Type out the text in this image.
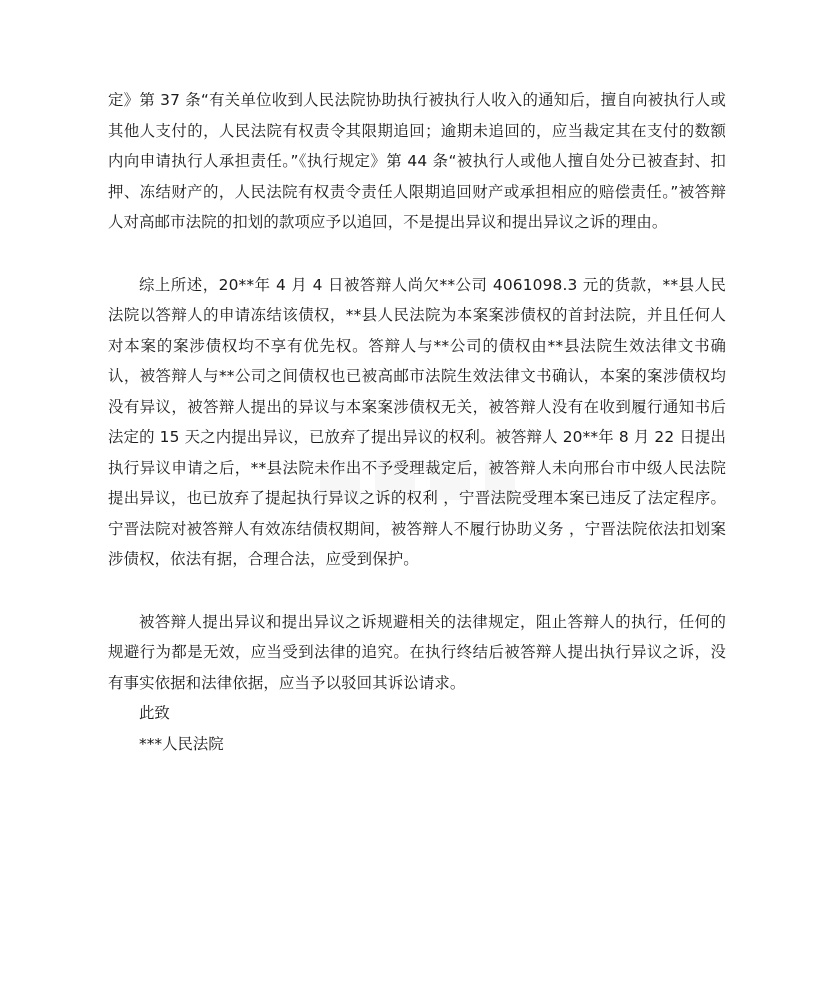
定》第 37 条“有关单位收到人民法院协助执行被执行人收入的通知后，擅自向被执行人或其他人支付的，人民法院有权责令其限期追回；逾期未追回的，应当裁定其在支付的数额内向申请执行人承担责任。”《执行规定》第 44 条“被执行人或他人擅自处分已被查封、扣押、冻结财产的，人民法院有权责令责任人限期追回财产或承担相应的赔偿责任。”被答辩人对高邮市法院的扣划的款项应予以追回，不是提出异议和提出异议之诉的理由。

综上所述，20**年 4 月 4 日被答辩人尚欠**公司 4061098.3 元的货款，**县人民法院以答辩人的申请冻结该债权，**县人民法院为本案案涉债权的首封法院，并且任何人对本案的案涉债权均不享有优先权。答辩人与**公司的债权由**县法院生效法律文书确认，被答辩人与**公司之间债权也已被高邮市法院生效法律文书确认，本案的案涉债权均没有异议，被答辩人提出的异议与本案案涉债权无关，被答辩人没有在收到履行通知书后法定的 15 天之内提出异议，已放弃了提出异议的权利。被答辩人 20**年 8 月 22 日提出执行异议申请之后，**县法院未作出不予受理裁定后，被答辩人未向邢台市中级人民法院提出异议，也已放弃了提起执行异议之诉的权利 ，宁晋法院受理本案已违反了法定程序。宁晋法院对被答辩人有效冻结债权期间，被答辩人不履行协助义务 ，宁晋法院依法扣划案涉债权，依法有据，合理合法，应受到保护。

被答辩人提出异议和提出异议之诉规避相关的法律规定，阻止答辩人的执行，任何的规避行为都是无效，应当受到法律的追究。在执行终结后被答辩人提出执行异议之诉，没有事实依据和法律依据，应当予以驳回其诉讼请求。

此致

***人民法院
